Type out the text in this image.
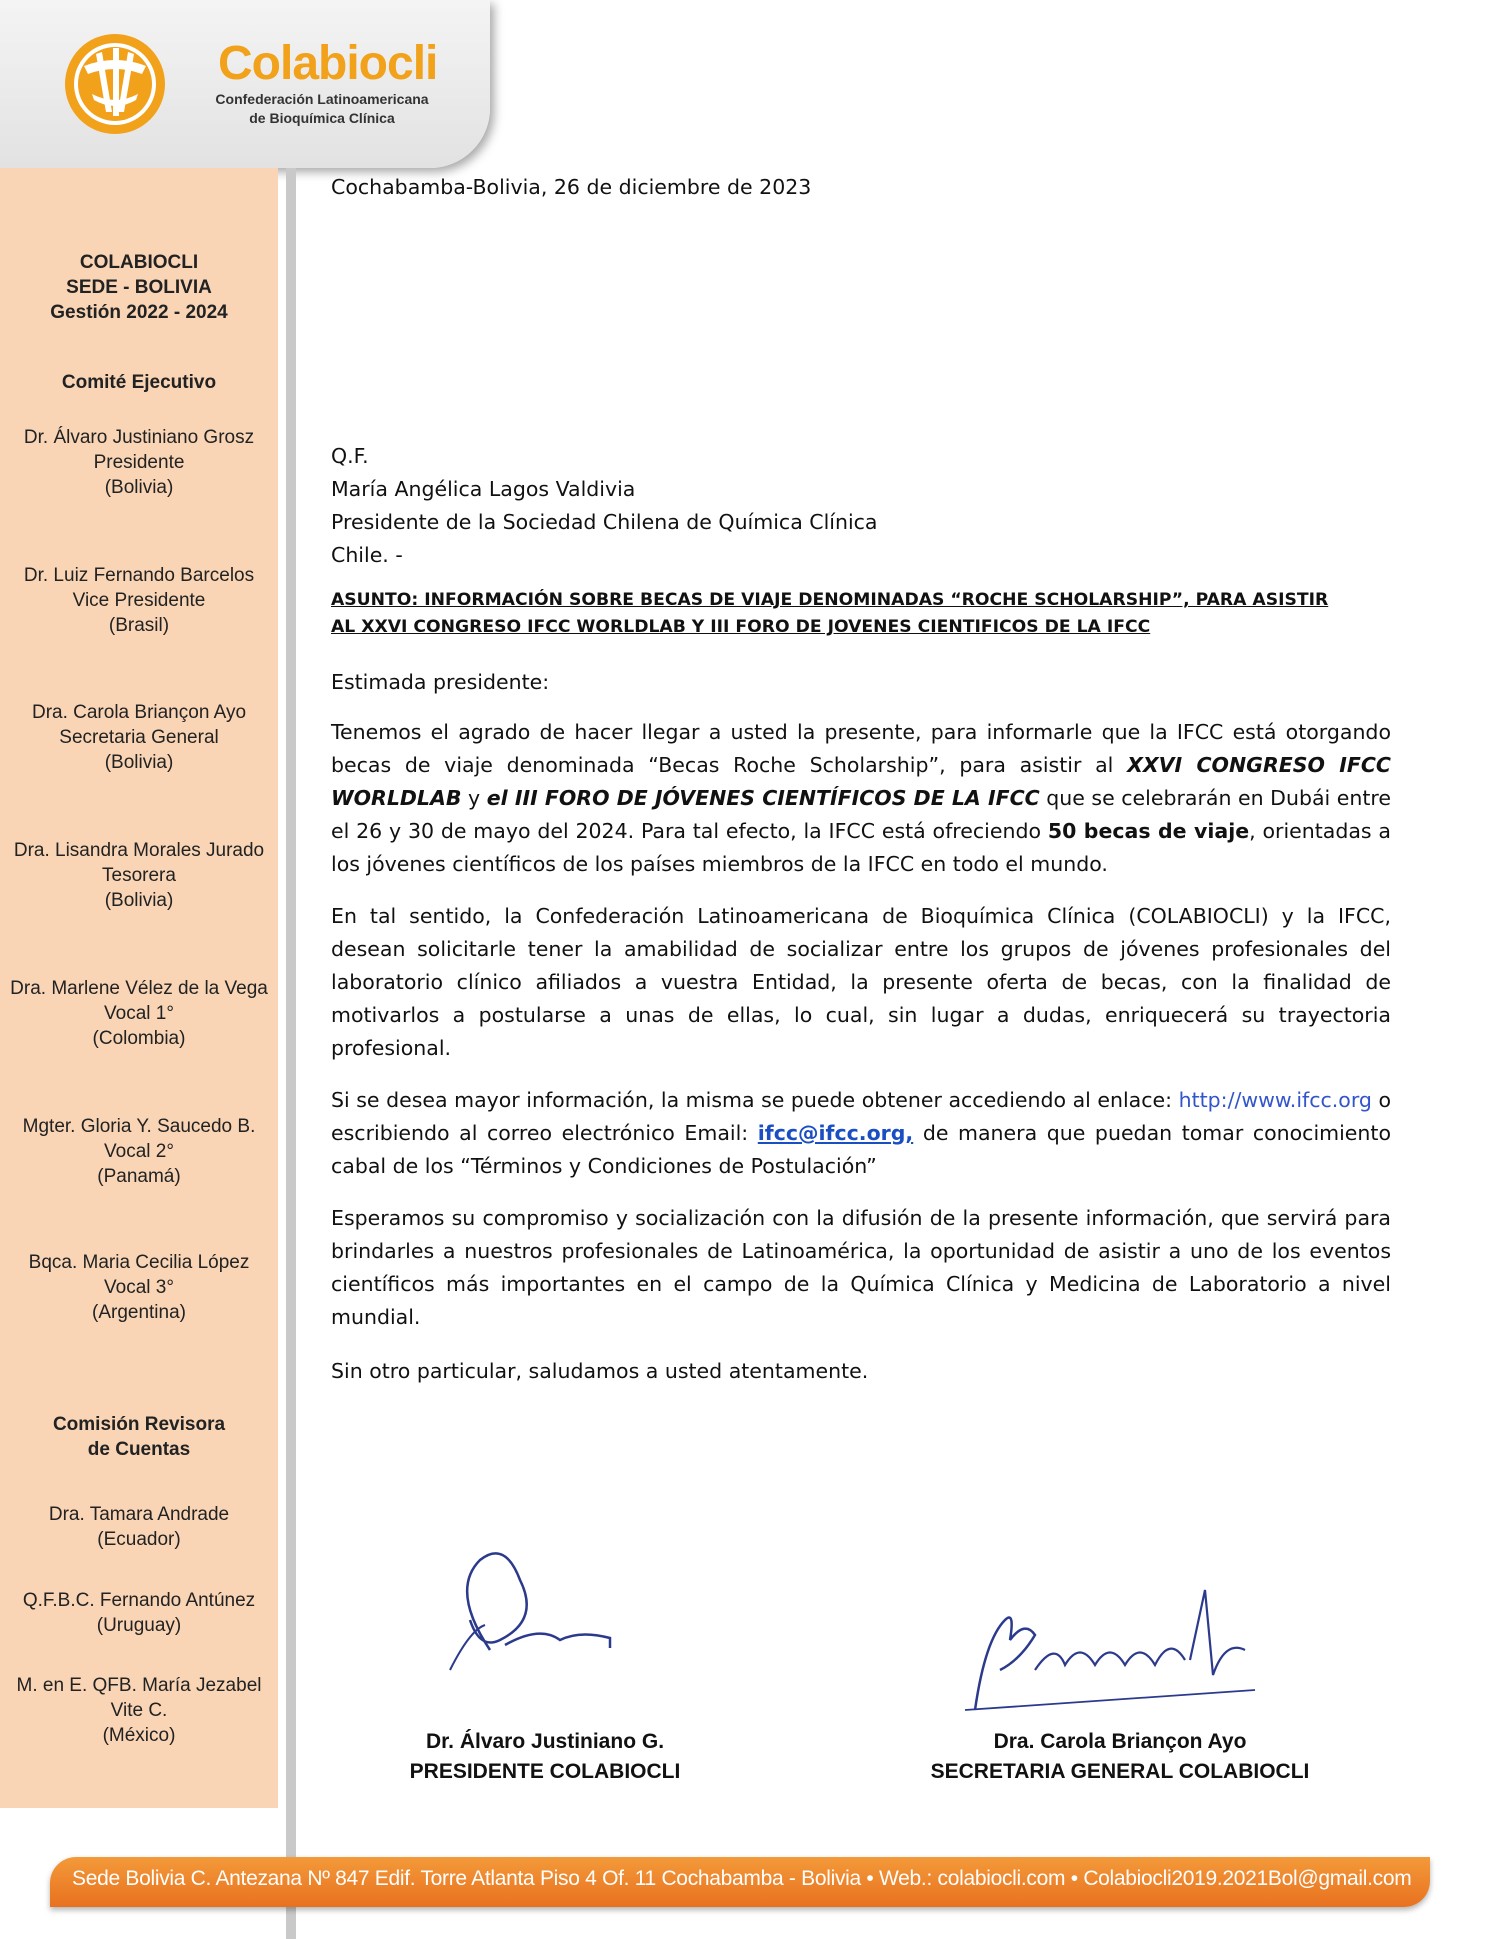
Colabiocli
Confederación Latinoamericana
de Bioquímica Clínica
COLABIOCLI
SEDE - BOLIVIA
Gestión 2022 - 2024
Comité Ejecutivo
Dr. Álvaro Justiniano Grosz
Presidente
(Bolivia)
Dr. Luiz Fernando Barcelos
Vice Presidente
(Brasil)
Dra. Carola Briançon Ayo
Secretaria General
(Bolivia)
Dra. Lisandra Morales Jurado
Tesorera
(Bolivia)
Dra. Marlene Vélez de la Vega
Vocal 1°
(Colombia)
Mgter. Gloria Y. Saucedo B.
Vocal 2°
(Panamá)
Bqca. Maria Cecilia López
Vocal 3°
(Argentina)
Comisión Revisora
de Cuentas
Dra. Tamara Andrade
(Ecuador)
Q.F.B.C. Fernando Antúnez
(Uruguay)
M. en E. QFB. María Jezabel
Vite C.
(México)
Cochabamba-Bolivia, 26 de diciembre de 2023
Q.F.
María Angélica Lagos Valdivia
Presidente de la Sociedad Chilena de Química Clínica
Chile. -
ASUNTO: INFORMACIÓN SOBRE BECAS DE VIAJE DENOMINADAS “ROCHE SCHOLARSHIP”, PARA ASISTIR
AL XXVI CONGRESO IFCC WORLDLAB Y III FORO DE JOVENES CIENTIFICOS DE LA IFCC
Estimada presidente:
Tenemos el agrado de hacer llegar a usted la presente, para informarle que la IFCC está otorgando becas de viaje denominada “Becas Roche Scholarship”, para asistir al XXVI CONGRESO IFCC WORLDLAB y el III FORO DE JÓVENES CIENTÍFICOS DE LA IFCC que se celebrarán en Dubái entre el 26 y 30 de mayo del 2024. Para tal efecto, la IFCC está ofreciendo 50 becas de viaje, orientadas a los jóvenes científicos de los países miembros de la IFCC en todo el mundo.
En tal sentido, la Confederación Latinoamericana de Bioquímica Clínica (COLABIOCLI) y la IFCC, desean solicitarle tener la amabilidad de socializar entre los grupos de jóvenes profesionales del laboratorio clínico afiliados a vuestra Entidad, la presente oferta de becas, con la finalidad de motivarlos a postularse a unas de ellas, lo cual, sin lugar a dudas, enriquecerá su trayectoria profesional.
Si se desea mayor información, la misma se puede obtener accediendo al enlace: http://www.ifcc.org o escribiendo al correo electrónico Email: ifcc@ifcc.org, de manera que puedan tomar conocimiento cabal de los “Términos y Condiciones de Postulación”
Esperamos su compromiso y socialización con la difusión de la presente información, que servirá para brindarles a nuestros profesionales de Latinoamérica, la oportunidad de asistir a uno de los eventos científicos más importantes en el campo de la Química Clínica y Medicina de Laboratorio a nivel mundial.
Sin otro particular, saludamos a usted atentamente.
Dr. Álvaro Justiniano G.
PRESIDENTE COLABIOCLI
Dra. Carola Briançon Ayo
SECRETARIA GENERAL COLABIOCLI
Sede Bolivia C. Antezana Nº 847 Edif. Torre Atlanta Piso 4 Of. 11 Cochabamba - Bolivia • Web.: colabiocli.com • Colabiocli2019.2021Bol@gmail.com
